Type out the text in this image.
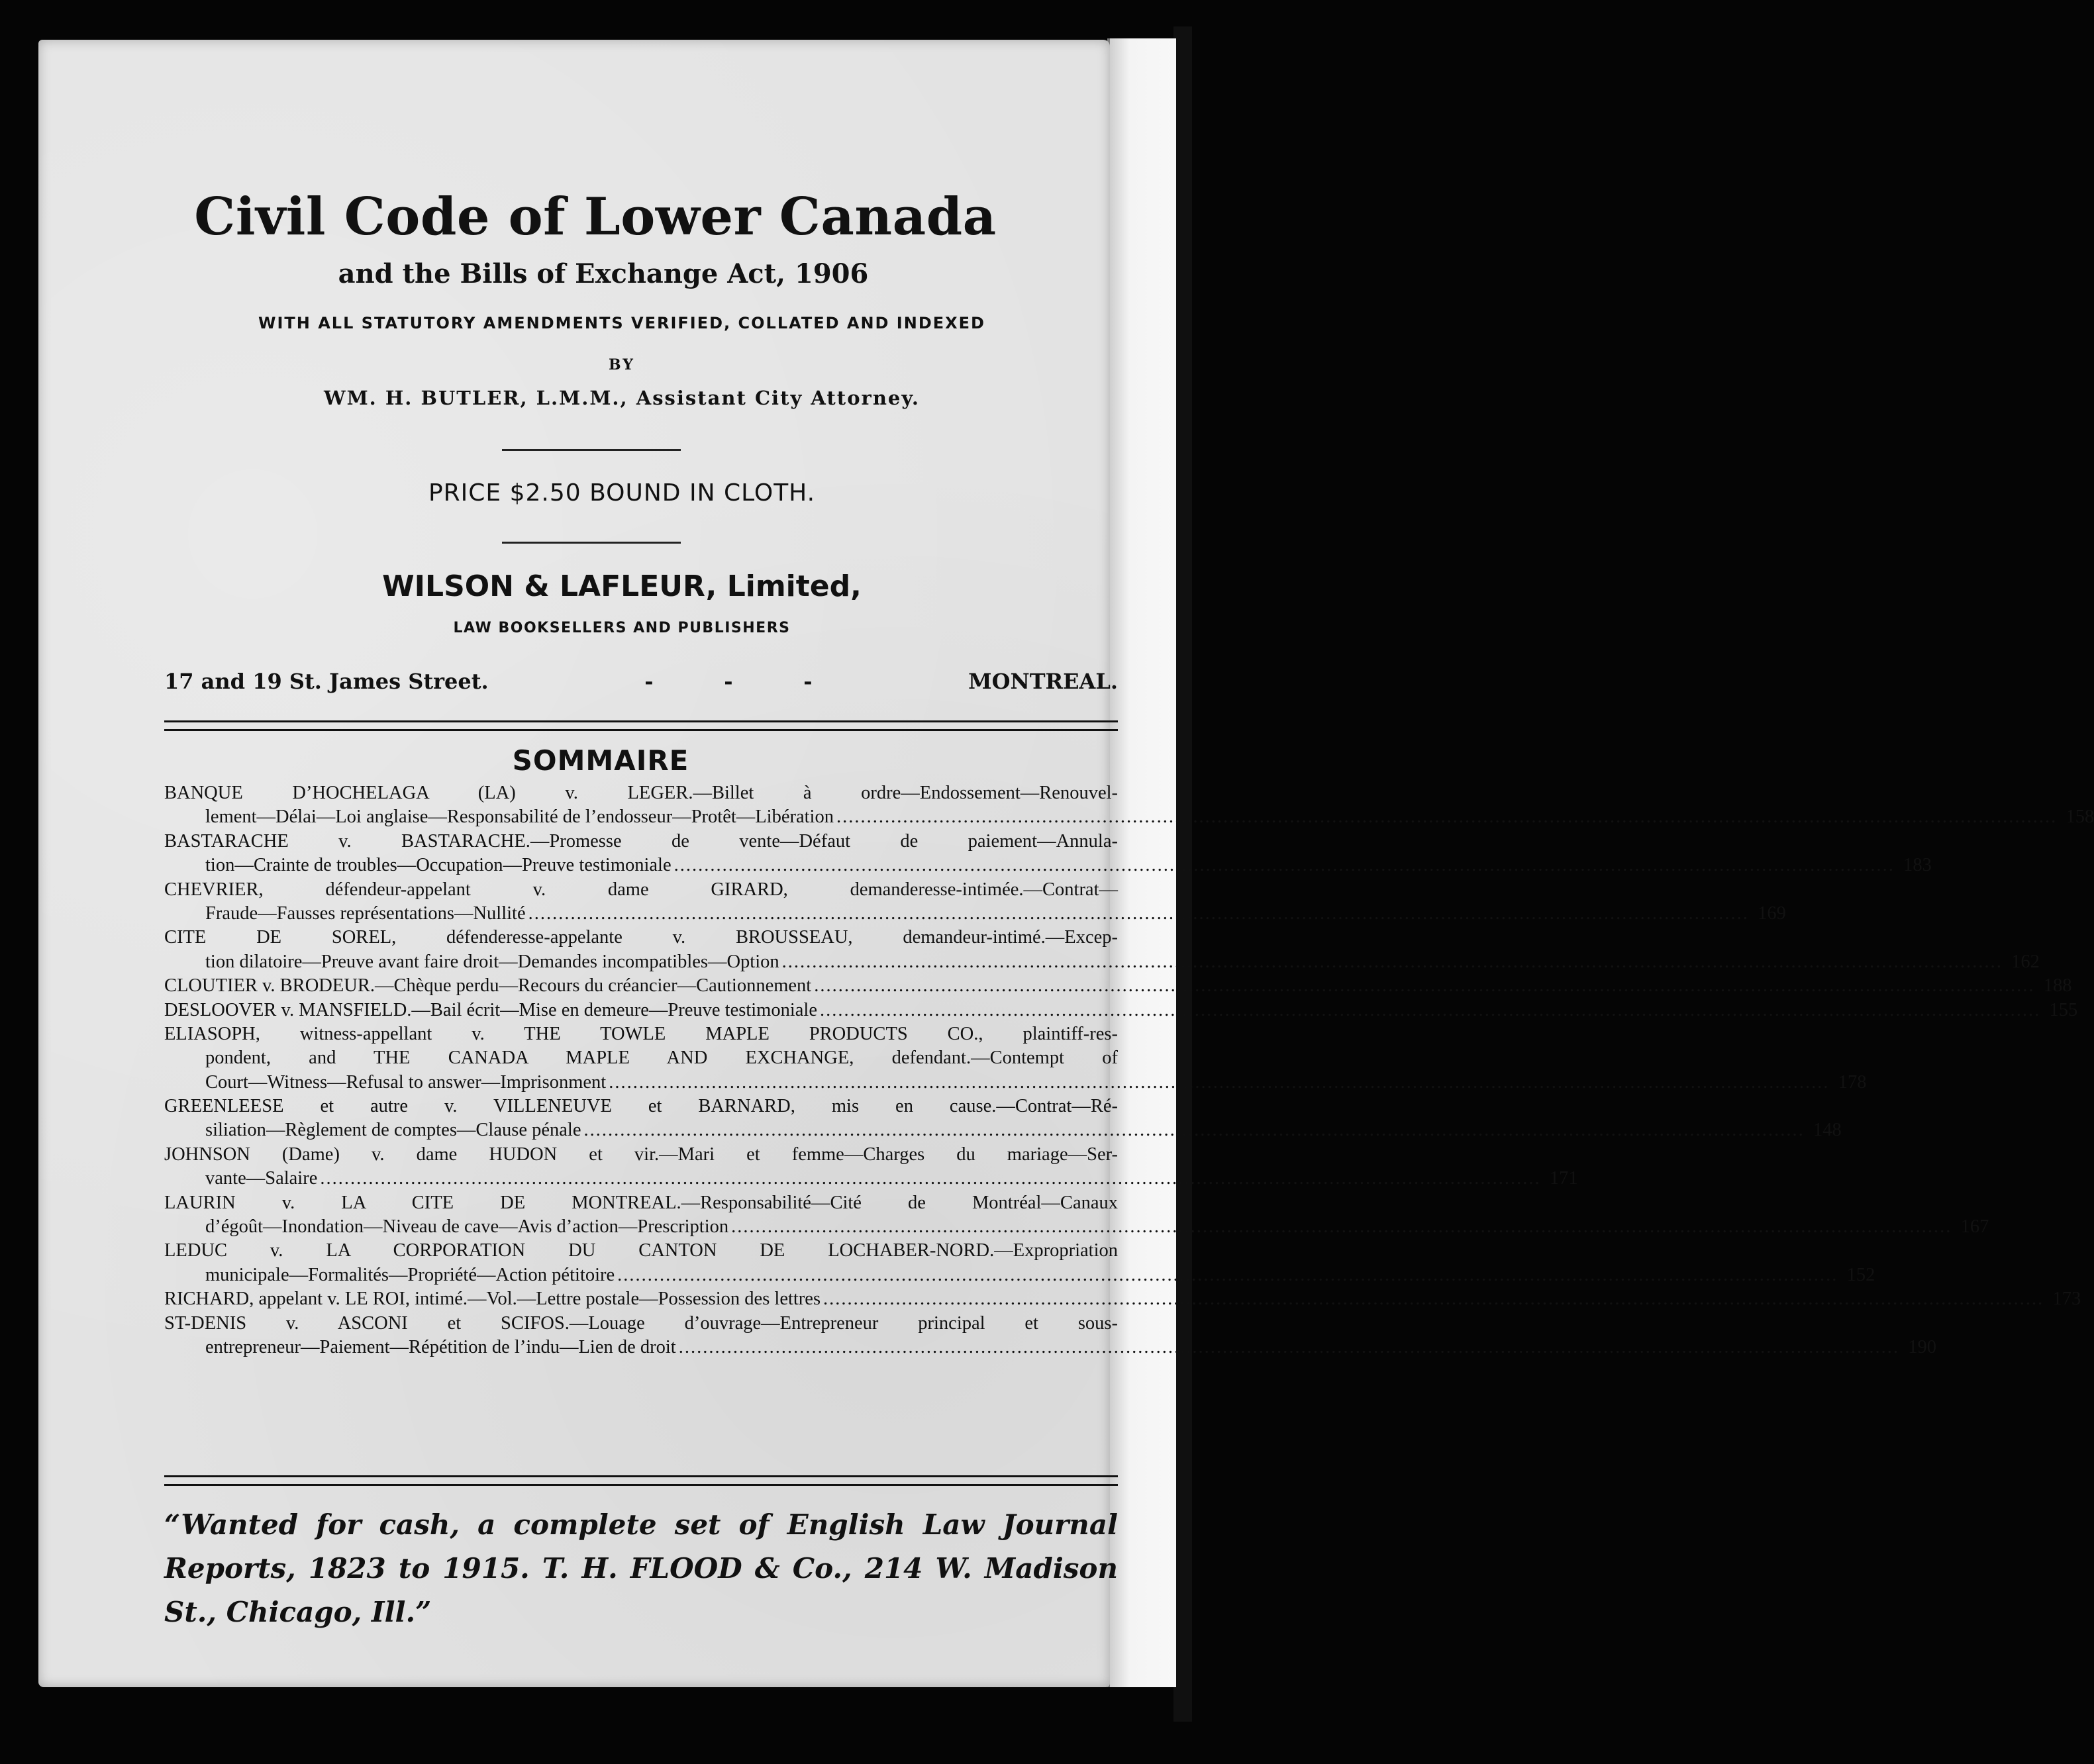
Civil Code of Lower Canada
and the Bills of Exchange Act, 1906
WITH ALL STATUTORY AMENDMENTS VERIFIED, COLLATED AND INDEXED
BY
WM. H. BUTLER, L.M.M., Assistant City Attorney.
PRICE $2.50 BOUND IN CLOTH.
WILSON & LAFLEUR, Limited,
LAW BOOKSELLERS AND PUBLISHERS
17 and 19 St. James Street.	-	-	-	MONTREAL.
SOMMAIRE
BANQUE D’HOCHELAGA (LA) v. LEGER.—Billet à ordre—Endossement—Renouvel-
lement—Délai—Loi anglaise—Responsabilité de l’endosseur—Protêt—Libération .....	158
BASTARACHE v. BASTARACHE.—Promesse de vente—Défaut de paiement—Annula-
tion—Crainte de troubles—Occupation—Preuve testimoniale .....	183
CHEVRIER, défendeur-appelant v. dame GIRARD, demanderesse-intimée.—Contrat—
Fraude—Fausses représentations—Nullité .....	169
CITE DE SOREL, défenderesse-appelante v. BROUSSEAU, demandeur-intimé.—Excep-
tion dilatoire—Preuve avant faire droit—Demandes incompatibles—Option .....	162
CLOUTIER v. BRODEUR.—Chèque perdu—Recours du créancier—Cautionnement .....	188
DESLOOVER v. MANSFIELD.—Bail écrit—Mise en demeure—Preuve testimoniale .....	155
ELIASOPH, witness-appellant v. THE TOWLE MAPLE PRODUCTS CO., plaintiff-res-
pondent, and THE CANADA MAPLE AND EXCHANGE, defendant.—Contempt of
Court—Witness—Refusal to answer—Imprisonment .....	178
GREENLEESE et autre v. VILLENEUVE et BARNARD, mis en cause.—Contrat—Ré-
siliation—Règlement de comptes—Clause pénale .....	148
JOHNSON (Dame) v. dame HUDON et vir.—Mari et femme—Charges du mariage—Ser-
vante—Salaire .....	171
LAURIN v. LA CITE DE MONTREAL.—Responsabilité—Cité de Montréal—Canaux
d’égoût—Inondation—Niveau de cave—Avis d’action—Prescription .....	167
LEDUC v. LA CORPORATION DU CANTON DE LOCHABER-NORD.—Expropriation
municipale—Formalités—Propriété—Action pétitoire .....	152
RICHARD, appelant v. LE ROI, intimé.—Vol.—Lettre postale—Possession des lettres .....	173
ST-DENIS v. ASCONI et SCIFOS.—Louage d’ouvrage—Entrepreneur principal et sous-
entrepreneur—Paiement—Répétition de l’indu—Lien de droit .....	190
“Wanted for cash, a complete set of English Law Journal Reports, 1823 to 1915. T. H. FLOOD & Co., 214 W. Madison St., Chicago, Ill.”
